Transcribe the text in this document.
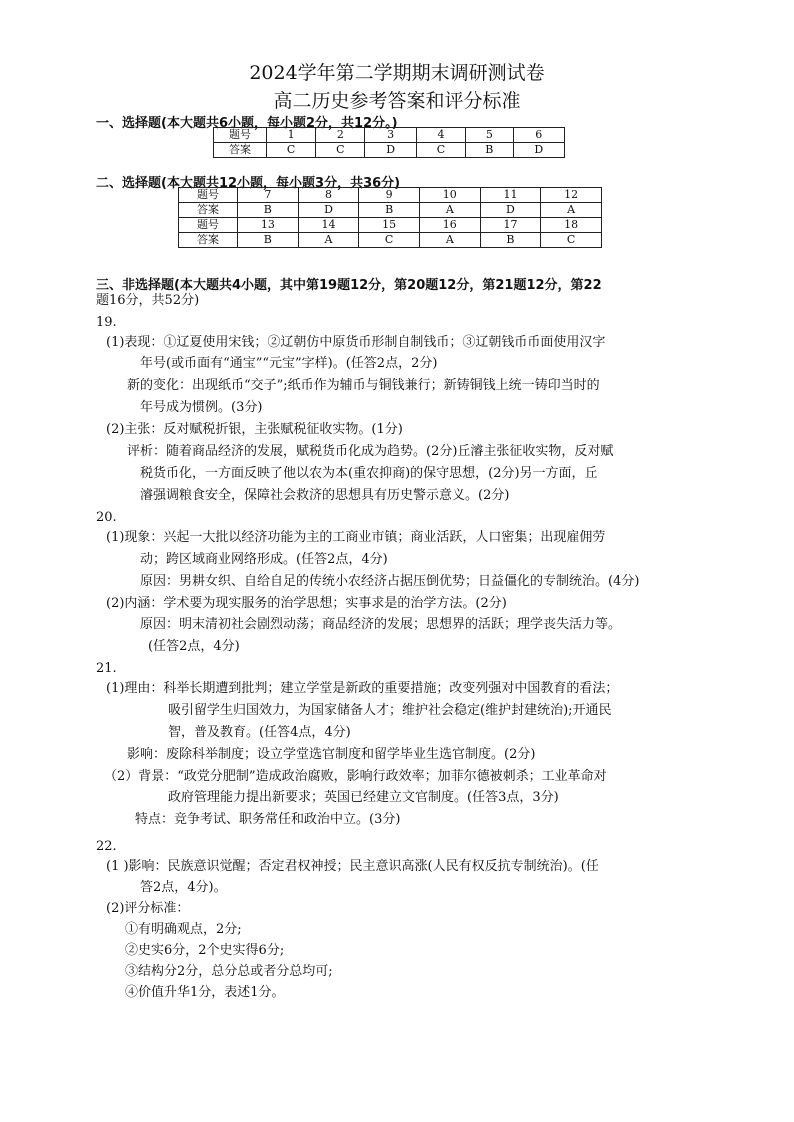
2024学年第二学期期末调研测试卷
高二历史参考答案和评分标准
一、选择题(本大题共6小题，每小题2分，共12分。)
题号	1	2	3	4	5	6
答案	C	C	D	C	B	D
二、选择题(本大题共12小题，每小题3分，共36分)
题号	7	8	9	10	11	12
答案	B	D	B	A	D	A
题号	13	14	15	16	17	18
答案	B	A	C	A	B	C
三、非选择题(本大题共4小题，其中第19题12分，第20题12分，第21题12分，第22
题16分，共52分)
19.
(1)表现：①辽夏使用宋钱；②辽朝仿中原货币形制自制钱币；③辽朝钱币币面使用汉字
年号(或币面有“通宝”“元宝”字样)。(任答2点，2分)
新的变化：出现纸币“交子”;纸币作为辅币与铜钱兼行；新铸铜钱上统一铸印当时的
年号成为惯例。(3分)
(2)主张：反对赋税折银，主张赋税征收实物。(1分)
评析：随着商品经济的发展，赋税货币化成为趋势。(2分)丘濬主张征收实物，反对赋
税货币化，一方面反映了他以农为本(重农抑商)的保守思想，(2分)另一方面，丘
濬强调粮食安全，保障社会救济的思想具有历史警示意义。(2分)
20.
(1)现象：兴起一大批以经济功能为主的工商业市镇；商业活跃，人口密集；出现雇佣劳
动；跨区域商业网络形成。(任答2点，4分)
原因：男耕女织、自给自足的传统小农经济占据压倒优势；日益僵化的专制统治。(4分)
(2)内涵：学术要为现实服务的治学思想；实事求是的治学方法。(2分)
原因：明末清初社会剧烈动荡；商品经济的发展；思想界的活跃；理学丧失活力等。
(任答2点，4分)
21.
(1)理由：科举长期遭到批判；建立学堂是新政的重要措施；改变列强对中国教育的看法；
吸引留学生归国效力，为国家储备人才；维护社会稳定(维护封建统治);开通民
智，普及教育。(任答4点，4分)
影响：废除科举制度；设立学堂选官制度和留学毕业生选官制度。(2分)
（2）背景：“政党分肥制”造成政治腐败，影响行政效率；加菲尔德被刺杀；工业革命对
政府管理能力提出新要求；英国已经建立文官制度。(任答3点，3分)
特点：竞争考试、职务常任和政治中立。(3分)
22.
(1 )影响：民族意识觉醒；否定君权神授；民主意识高涨(人民有权反抗专制统治)。(任
答2点，4分)。
(2)评分标准：
①有明确观点，2分;
②史实6分，2个史实得6分;
③结构分2分，总分总或者分总均可;
④价值升华1分，表述1分。
